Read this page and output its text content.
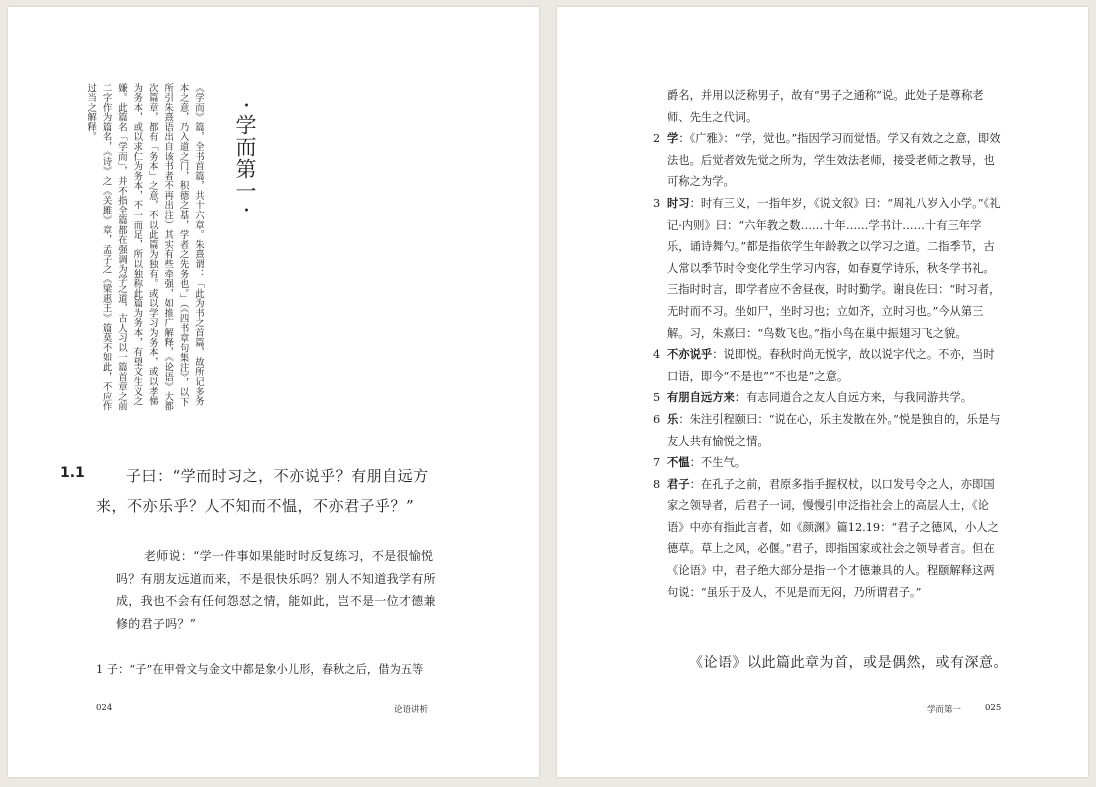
・学而第一・

《学而》篇，全书首篇，共十六章。朱熹谓：「此为书之首篇，故所记多务本之意，乃入道之门，积德之基，学者之先务也。」（《四书章句集注》，以下所引朱熹语出自该书者不再出注）其实有些牵强，如推广解释，《论语》大都次篇章，都有「务本」之意，不以此篇为独有。或以学习为务本，或以孝悌为务本，或以求仁为务本，不一而足，所以独称此篇为务本，有望文生义之嫌。此篇名「学而」，并不指全篇都在强调为学之道，古人习以一篇首章之前二字作为篇名，《诗》之《关雎》章，孟子之《梁惠王》篇莫不如此，不应作过当之解释。

1.1	子曰：“学而时习之，不亦说乎？有朋自远方来，不亦乐乎？人不知而不愠，不亦君子乎？”

老师说：“学一件事如果能时时反复练习，不是很愉悦吗？有朋友远道而来，不是很快乐吗？别人不知道我学有所成，我也不会有任何怨怼之情，能如此，岂不是一位才德兼修的君子吗？”

1 子：“子”在甲骨文与金文中都是象小儿形，春秋之后，借为五等

024	论语讲析
爵名，并用以泛称男子，故有“男子之通称”说。此处子是尊称老师、先生之代词。
2 学：《广雅》：“学，觉也。”指因学习而觉悟。学又有效之之意，即效法也。后觉者效先觉之所为，学生效法老师，接受老师之教导，也可称之为学。
3 时习：时有三义，一指年岁，《说文叙》曰：“周礼八岁入小学。”《礼记·内则》曰：“六年教之数……十年……学书计……十有三年学乐，诵诗舞勺。”都是指依学生年龄教之以学习之道。二指季节，古人常以季节时令变化学生学习内容，如春夏学诗乐，秋冬学书礼。三指时时言，即学者应不舍昼夜，时时勤学。谢良佐曰：“时习者，无时而不习。坐如尸，坐时习也；立如齐，立时习也。”今从第三解。习，朱熹曰：“鸟数飞也。”指小鸟在巢中振翅习飞之貌。
4 不亦说乎：说即悦。春秋时尚无悦字，故以说字代之。不亦，当时口语，即今“不是也”“不也是”之意。
5 有朋自远方来：有志同道合之友人自远方来，与我同游共学。
6 乐：朱注引程颐曰：“说在心，乐主发散在外。”悦是独自的，乐是与友人共有愉悦之情。
7 不愠：不生气。
8 君子：在孔子之前，君原多指手握权杖，以口发号令之人，亦即国家之领导者，后君子一词，慢慢引申泛指社会上的高层人士，《论语》中亦有指此言者，如《颜渊》篇12.19：“君子之德风，小人之德草。草上之风，必偃。”君子，即指国家或社会之领导者言。但在《论语》中，君子绝大部分是指一个才德兼具的人。程颐解释这两句说：“虽乐于及人，不见是而无闷，乃所谓君子。”

《论语》以此篇此章为首，或是偶然，或有深意。

学而第一	025
